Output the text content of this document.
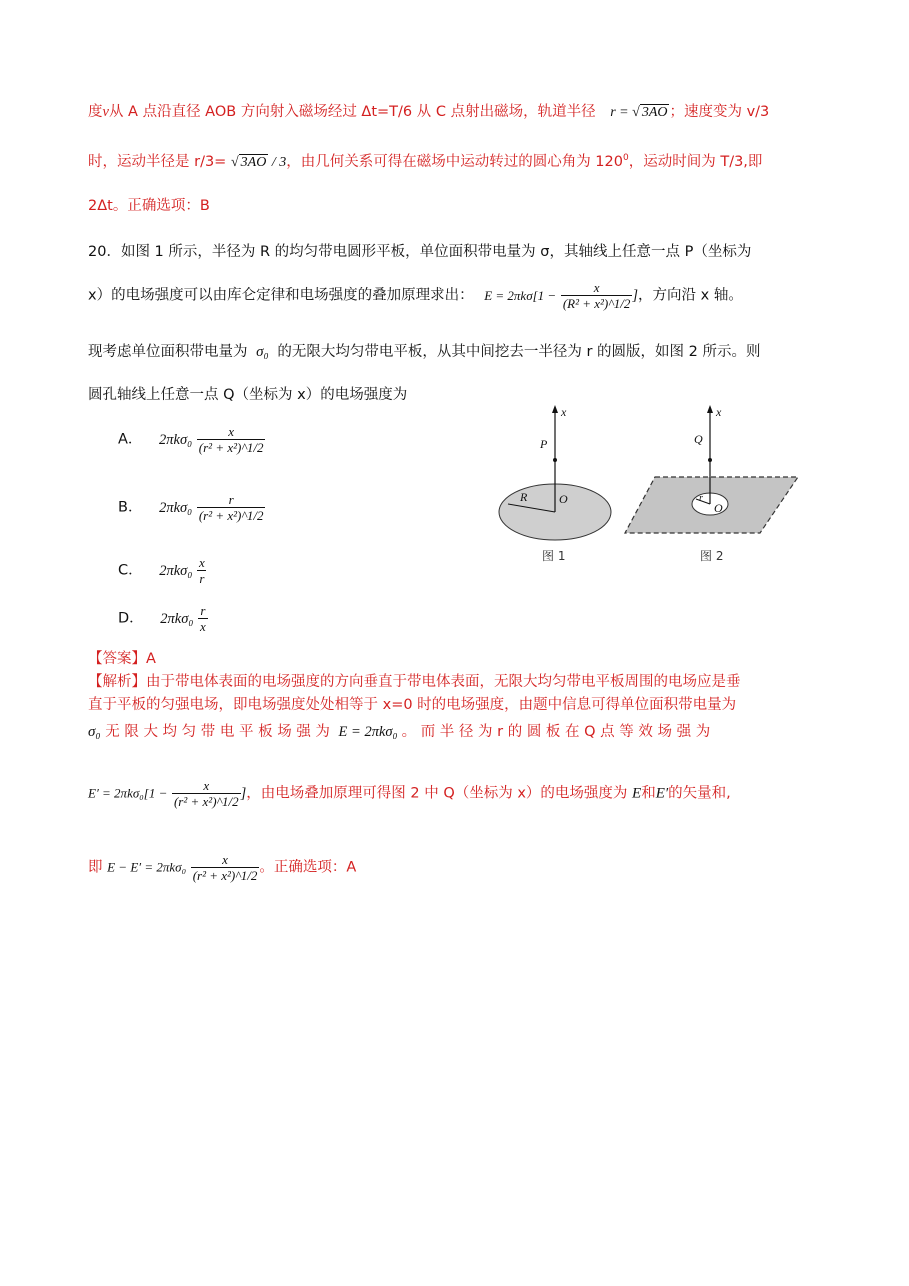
度v从 A 点沿直径 AOB 方向射入磁场经过 Δt=T/6 从 C 点射出磁场，轨道半径 r = √ 3AO ；速度变为 v/3
时，运动半径是 r/3= √ 3AO / 3，由几何关系可得在磁场中运动转过的圆心角为 $120^0$，运动时间为 T/3,即
2Δt。正确选项：B
20．如图 1 所示，半径为 R 的均匀带电圆形平板，单位面积带电量为 σ，其轴线上任意一点 P（坐标为
x）的电场强度可以由库仑定律和电场强度的叠加原理求出： $E = 2\pi k\sigma[1 - \frac{x}{\text{(R² + x²)\textasciicircum{}1/2}}$ ]，方向沿 x 轴。
现考虑单位面积带电量为 σ₀ 的无限大均匀带电平板，从其中间挖去一半径为 r 的圆版，如图 2 所示。则
圆孔轴线上任意一点 Q（坐标为 x）的电场强度为
A． $2\pi k\sigma_0 \frac{x}{\text{(r² + x²)\textasciicircum{}1/2}}$
B． $2\pi k\sigma_0 \frac{r}{\text{(r² + x²)\textasciicircum{}1/2}}$
C． $2\pi k\sigma_0 \frac{x}{r}$
D． $2\pi k\sigma_0 \frac{r}{x}$
x
P
R	O
图 1
x
Q
r
O
图 2
【答案】A
【解析】由于带电体表面的电场强度的方向垂直于带电体表面，无限大均匀带电平板周围的电场应是垂
直于平板的匀强电场，即电场强度处处相等于 x=0 时的电场强度，由题中信息可得单位面积带电量为
σ₀ 无 限 大 均 匀 带 电 平 板 场 强 为 E = 2πkσ₀ 。 而 半 径 为 r 的 圆 板 在 Q 点 等 效 场 强 为
$E' = 2\pi k\sigma_0[1 - \frac{x}{\text{(r² + x²)\textasciicircum{}1/2}}$ ]，由电场叠加原理可得图 2 中 Q（坐标为 x）的电场强度为 E和E′的矢量和,
即 $E - E' = 2\pi k\sigma_0 \frac{x}{\text{(r² + x²)\textasciicircum{}1/2}}$ 。正确选项：A
